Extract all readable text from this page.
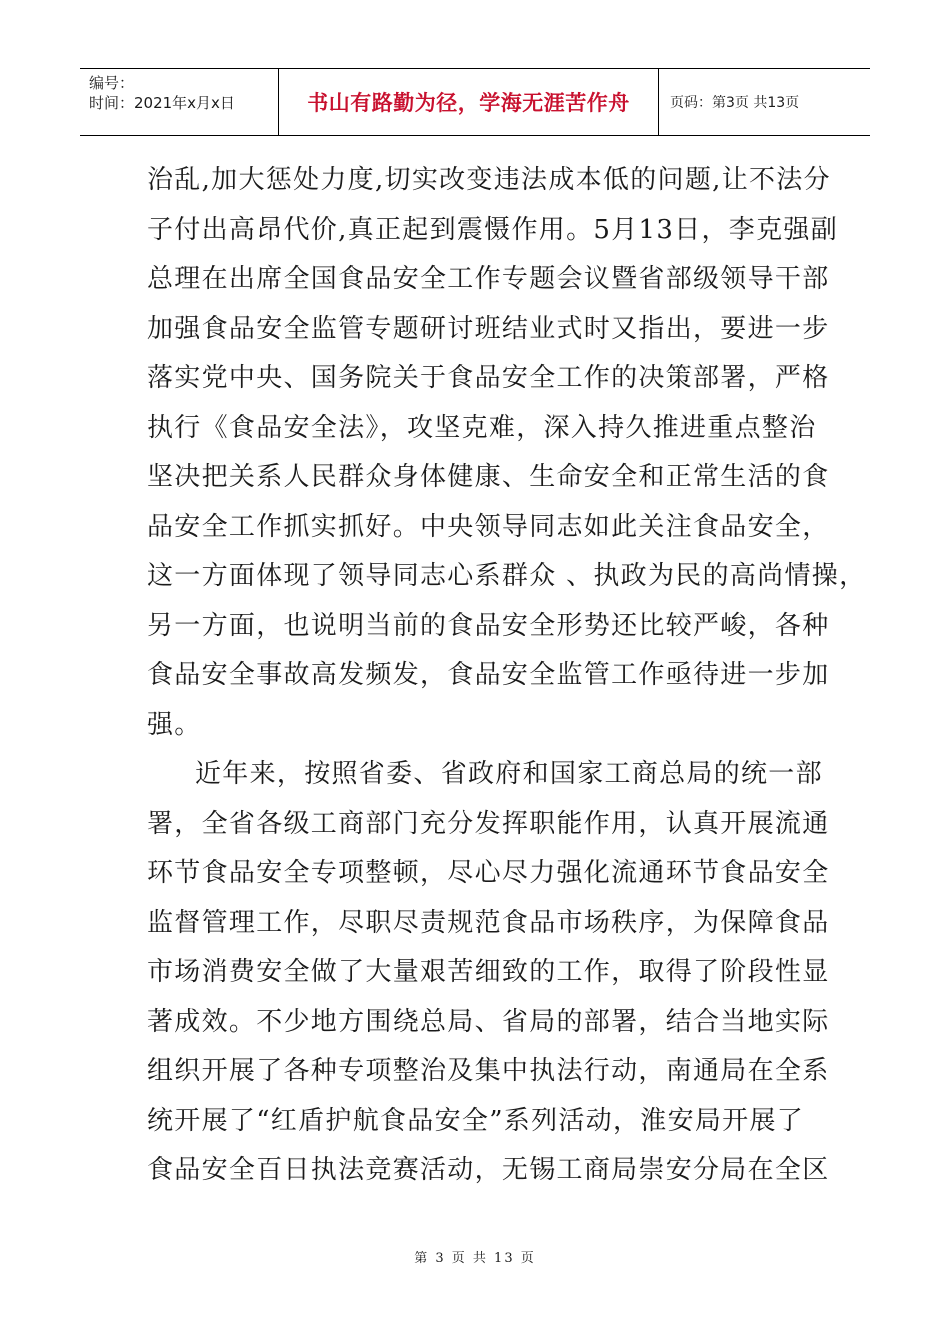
编号：
时间：2021年x月x日	书山有路勤为径，学海无涯苦作舟	页码：第3页 共13页
治乱,加大惩处力度,切实改变违法成本低的问题,让不法分
子付出高昂代价,真正起到震慑作用。5月13日，李克强副
总理在出席全国食品安全工作专题会议暨省部级领导干部
加强食品安全监管专题研讨班结业式时又指出，要进一步
落实党中央、国务院关于食品安全工作的决策部署，严格
执行《食品安全法》，攻坚克难，深入持久推进重点整治
坚决把关系人民群众身体健康、生命安全和正常生活的食
品安全工作抓实抓好。中央领导同志如此关注食品安全，
这一方面体现了领导同志心系群众 、执政为民的高尚情操，
另一方面，也说明当前的食品安全形势还比较严峻，各种
食品安全事故高发频发，食品安全监管工作亟待进一步加
强。
近年来，按照省委、省政府和国家工商总局的统一部
署，全省各级工商部门充分发挥职能作用，认真开展流通
环节食品安全专项整顿，尽心尽力强化流通环节食品安全
监督管理工作，尽职尽责规范食品市场秩序，为保障食品
市场消费安全做了大量艰苦细致的工作，取得了阶段性显
著成效。不少地方围绕总局、省局的部署，结合当地实际
组织开展了各种专项整治及集中执法行动，南通局在全系
统开展了“红盾护航食品安全”系列活动，淮安局开展了
食品安全百日执法竞赛活动，无锡工商局崇安分局在全区
第 3 页 共 13 页
